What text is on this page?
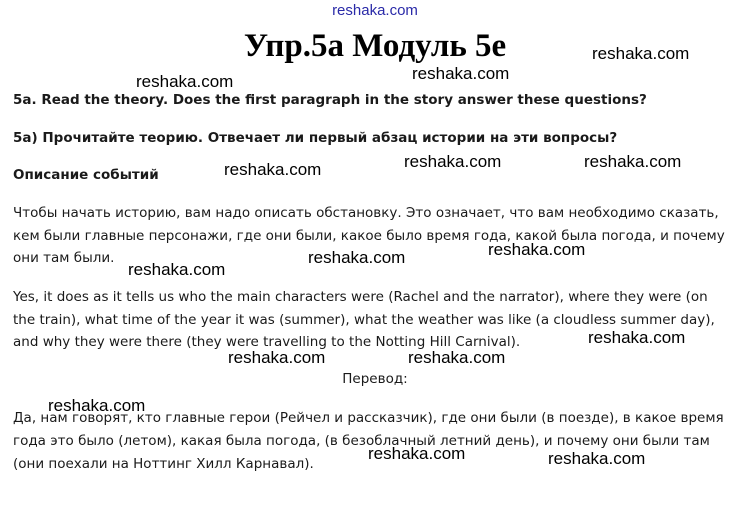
reshaka.com
Упр.5a Модуль 5e
5a. Read the theory. Does the first paragraph in the story answer these questions?
5а) Прочитайте теорию. Отвечает ли первый абзац истории на эти вопросы?
Описание событий
Чтобы начать историю, вам надо описать обстановку. Это означает, что вам необходимо сказать,
кем были главные персонажи, где они были, какое было время года, какой была погода, и почему
они там были.
Yes, it does as it tells us who the main characters were (Rachel and the narrator), where they were (on
the train), what time of the year it was (summer), what the weather was like (a cloudless summer day),
and why they were there (they were travelling to the Notting Hill Carnival).
Перевод:
Да, нам говорят, кто главные герои (Рейчел и рассказчик), где они были (в поезде), в какое время
года это было (летом), какая была погода, (в безоблачный летний день), и почему они были там
(они поехали на Ноттинг Хилл Карнавал).
reshaka.com
reshaka.com
reshaka.com
reshaka.com	reshaka.com
reshaka.com
reshaka.com
reshaka.com
reshaka.com
reshaka.com
reshaka.com	reshaka.com
reshaka.com
reshaka.com	reshaka.com
